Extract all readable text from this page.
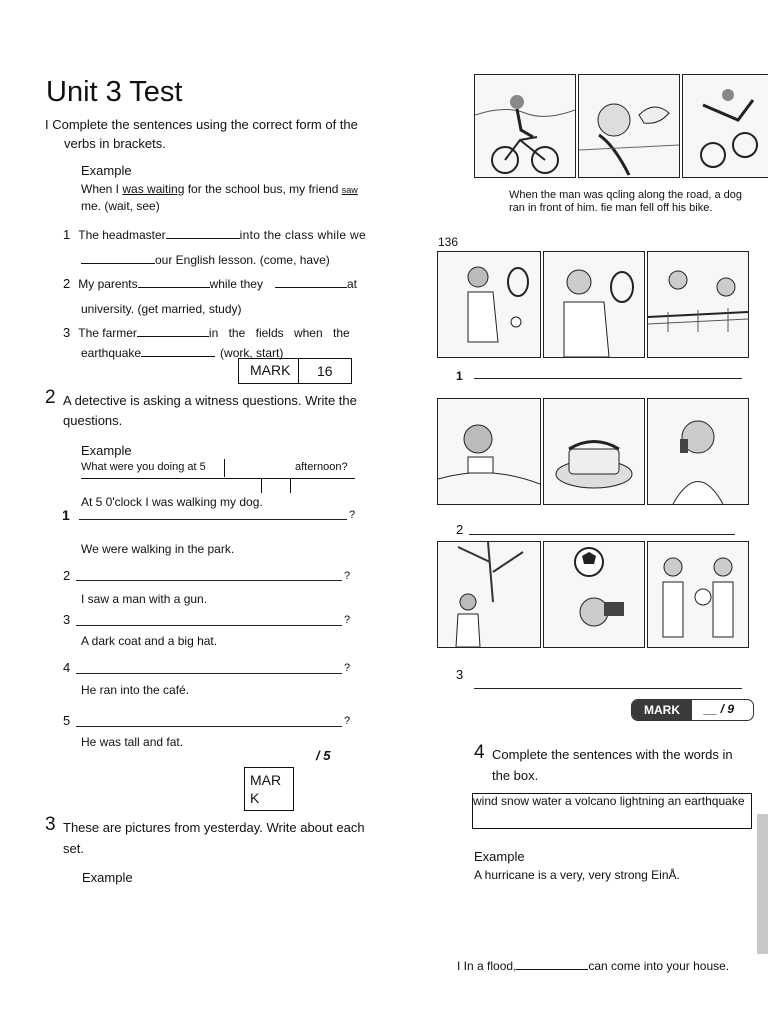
Unit 3 Test
I Complete the sentences using the correct form of the
verbs in brackets.
Example
When I was waiting for the school bus, my friend saw
me. (wait, see)
1 The headmaster	into the class while we
our English lesson. (come, have)
2 My parents	while they	at
university. (get married, study)
3 The farmer	in the fields when the
earthquake	(work, start)
MARK 16
2 A detective is asking a witness questions. Write the
questions.
Example
What were you doing at 5	afternoon?
At 5 0'clock I was walking my dog.
1	?
We were walking in the park.
2	?
I saw a man with a gun.
3	?
A dark coat and a big hat.
4	?
He ran into the café.
5	?
He was tall and fat.
/ 5
MAR
K
3 These are pictures from yesterday. Write about each
set.
Example
When the man was qcling along the road, a dog
ran in front of him. fie man fell off his bike.
136
1
2
3
MARK	__ / 9
4 Complete the sentences with the words in
the box.
wind snow water a volcano lightning an earthquake
Example
A hurricane is a very, very strong EinÅ.
I In a flood,	can come into your house.
